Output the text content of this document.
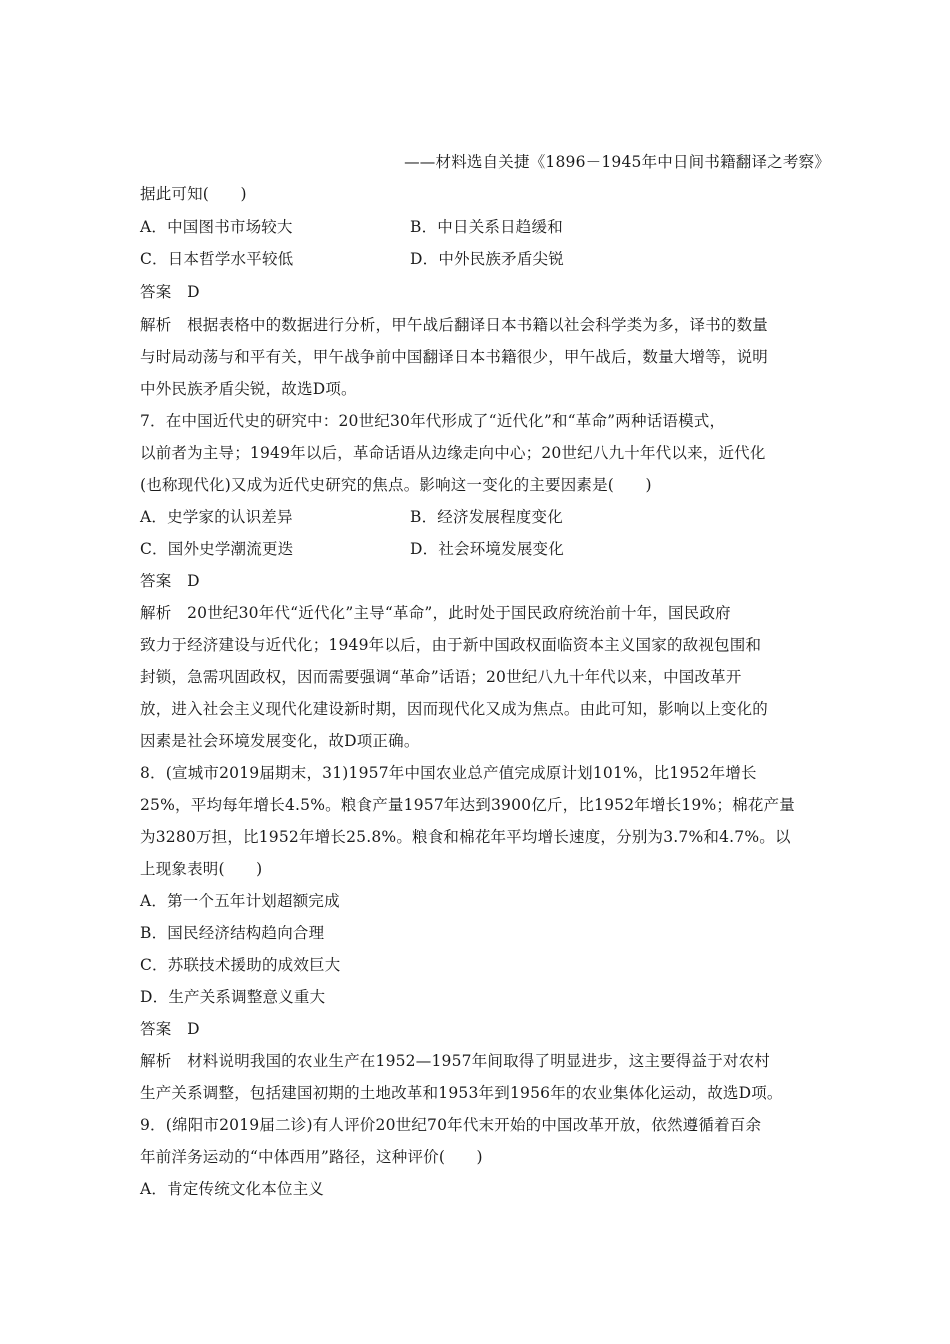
——材料选自关捷《1896－1945年中日间书籍翻译之考察》
据此可知(　　)
A．中国图书市场较大	B．中日关系日趋缓和
C．日本哲学水平较低	D．中外民族矛盾尖锐
答案　D
解析　根据表格中的数据进行分析，甲午战后翻译日本书籍以社会科学类为多，译书的数量
与时局动荡与和平有关，甲午战争前中国翻译日本书籍很少，甲午战后，数量大增等，说明
中外民族矛盾尖锐，故选D项。
7．在中国近代史的研究中：20世纪30年代形成了“近代化”和“革命”两种话语模式，
以前者为主导；1949年以后，革命话语从边缘走向中心；20世纪八九十年代以来，近代化
(也称现代化)又成为近代史研究的焦点。影响这一变化的主要因素是(　　)
A．史学家的认识差异	B．经济发展程度变化
C．国外史学潮流更迭	D．社会环境发展变化
答案　D
解析　20世纪30年代“近代化”主导“革命”，此时处于国民政府统治前十年，国民政府
致力于经济建设与近代化；1949年以后，由于新中国政权面临资本主义国家的敌视包围和
封锁，急需巩固政权，因而需要强调“革命”话语；20世纪八九十年代以来，中国改革开
放，进入社会主义现代化建设新时期，因而现代化又成为焦点。由此可知，影响以上变化的
因素是社会环境发展变化，故D项正确。
8．(宣城市2019届期末，31)1957年中国农业总产值完成原计划101%，比1952年增长
25%，平均每年增长4.5%。粮食产量1957年达到3900亿斤，比1952年增长19%；棉花产量
为3280万担，比1952年增长25.8%。粮食和棉花年平均增长速度，分别为3.7%和4.7%。以
上现象表明(　　)
A．第一个五年计划超额完成
B．国民经济结构趋向合理
C．苏联技术援助的成效巨大
D．生产关系调整意义重大
答案　D
解析　材料说明我国的农业生产在1952—1957年间取得了明显进步，这主要得益于对农村
生产关系调整，包括建国初期的土地改革和1953年到1956年的农业集体化运动，故选D项。
9．(绵阳市2019届二诊)有人评价20世纪70年代末开始的中国改革开放，依然遵循着百余
年前洋务运动的“中体西用”路径，这种评价(　　)
A．肯定传统文化本位主义
